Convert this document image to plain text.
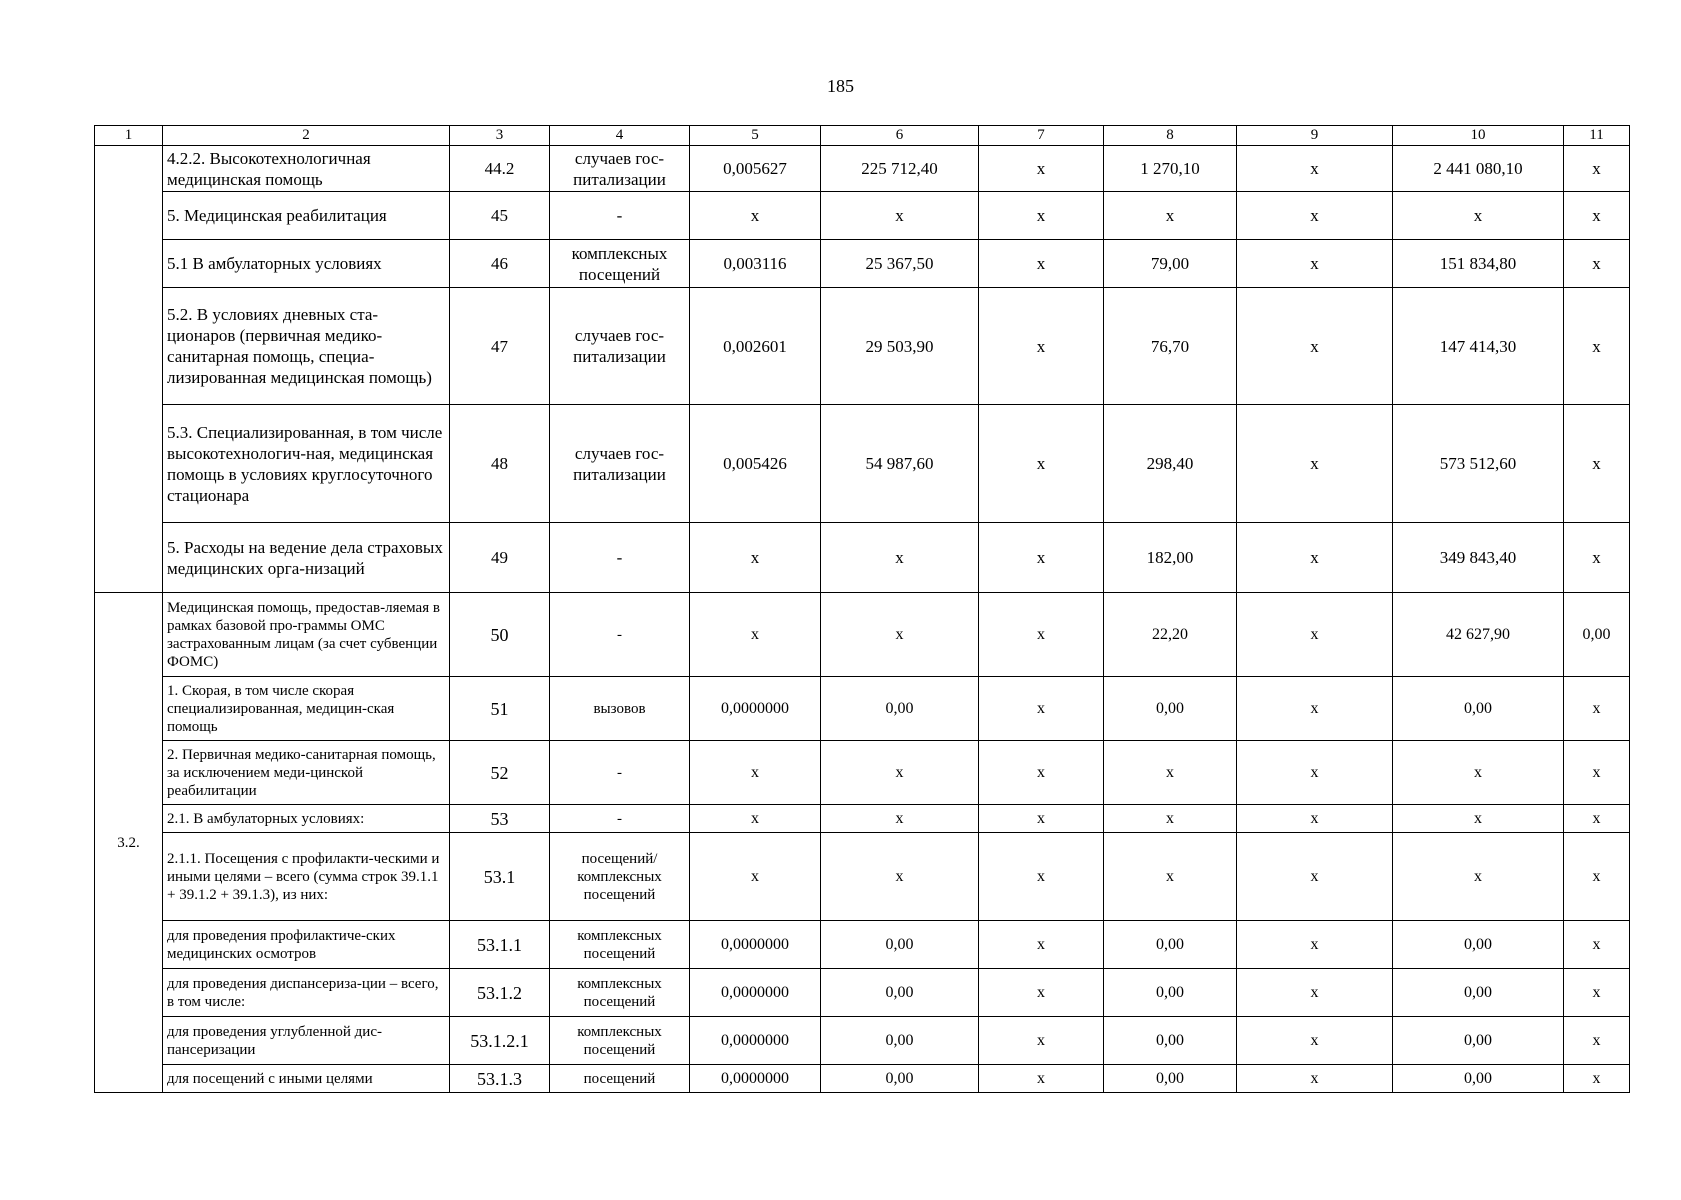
185
1	2	3	4	5	6	7	8	9	10	11
	4.2.2. Высокотехнологичная медицинская помощь	44.2	случаев гос-питализации	0,005627	225 712,40	x	1 270,10	x	2 441 080,10	x
	5. Медицинская реабилитация	45	-	x	x	x	x	x	x	x
	5.1 В амбулаторных условиях	46	комплексных посещений	0,003116	25 367,50	x	79,00	x	151 834,80	x
	5.2. В условиях дневных ста-ционаров (первичная медико-санитарная помощь, специа-лизированная медицинская помощь)	47	случаев гос-питализации	0,002601	29 503,90	x	76,70	x	147 414,30	x
	5.3. Специализированная, в том числе высокотехнологич-ная, медицинская помощь в условиях круглосуточного стационара	48	случаев гос-питализации	0,005426	54 987,60	x	298,40	x	573 512,60	x
	5. Расходы на ведение дела страховых медицинских орга-низаций	49	-	x	x	x	182,00	x	349 843,40	x
3.2.	Медицинская помощь, предостав-ляемая в рамках базовой про-граммы ОМС застрахованным лицам (за счет субвенции ФОМС)	50	-	x	x	x	22,20	x	42 627,90	0,00
	1. Скорая, в том числе скорая специализированная, медицин-ская помощь	51	вызовов	0,0000000	0,00	x	0,00	x	0,00	x
	2. Первичная медико-санитарная помощь, за исключением меди-цинской реабилитации	52	-	x	x	x	x	x	x	x
	2.1. В амбулаторных условиях:	53	-	x	x	x	x	x	x	x
	2.1.1. Посещения с профилакти-ческими и иными целями – всего (сумма строк 39.1.1 + 39.1.2 + 39.1.3), из них:	53.1	посещений/ комплексных посещений	x	x	x	x	x	x	x
	для проведения профилактиче-ских медицинских осмотров	53.1.1	комплексных посещений	0,0000000	0,00	x	0,00	x	0,00	x
	для проведения диспансериза-ции – всего, в том числе:	53.1.2	комплексных посещений	0,0000000	0,00	x	0,00	x	0,00	x
	для проведения углубленной дис-пансеризации	53.1.2.1	комплексных посещений	0,0000000	0,00	x	0,00	x	0,00	x
	для посещений с иными целями	53.1.3	посещений	0,0000000	0,00	x	0,00	x	0,00	x
